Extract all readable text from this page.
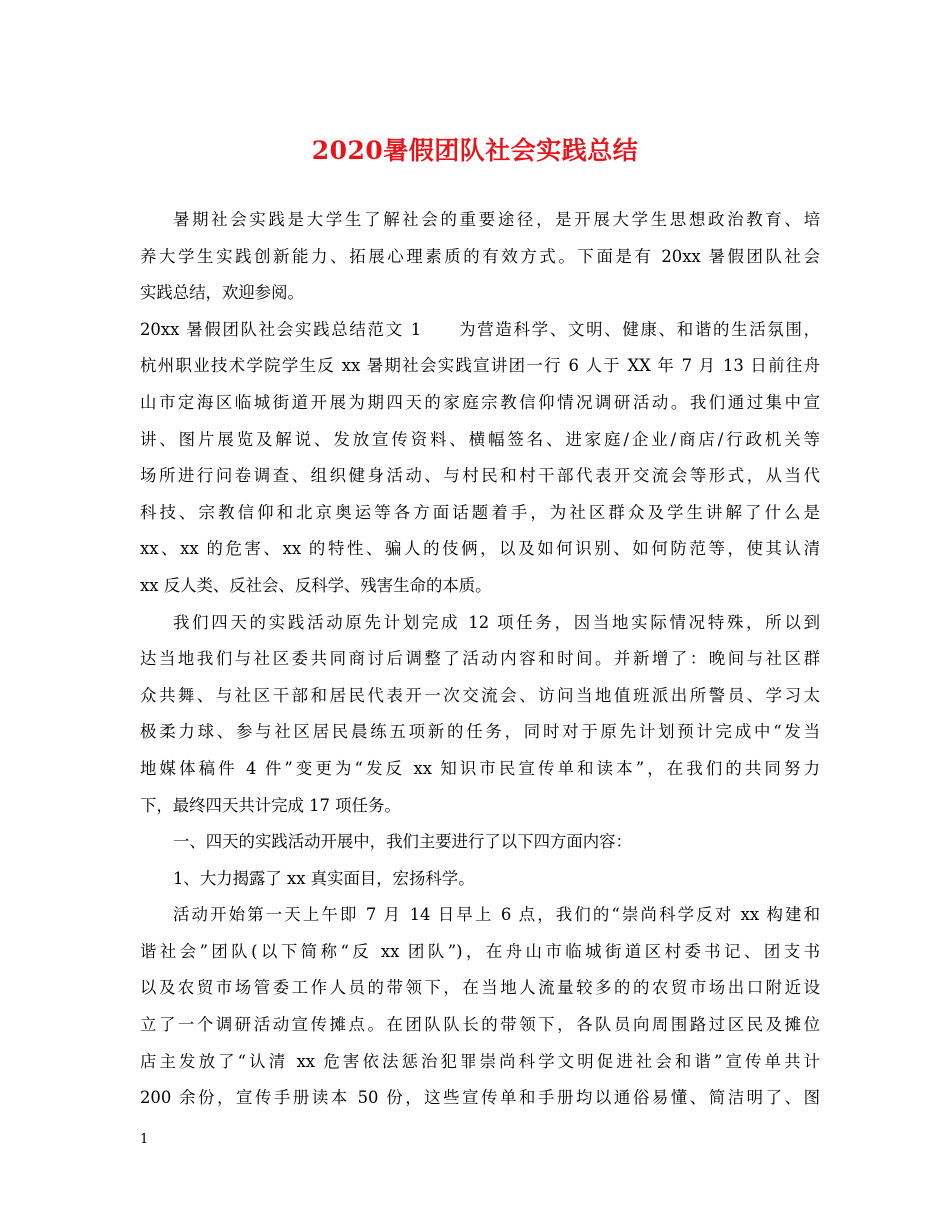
2020暑假团队社会实践总结
暑期社会实践是大学生了解社会的重要途径，是开展大学生思想政治教育、培
养大学生实践创新能力、拓展心理素质的有效方式。下面是有 20xx 暑假团队社会
实践总结，欢迎参阅。
20xx 暑假团队社会实践总结范文 1　　为营造科学、文明、健康、和谐的生活氛围，
杭州职业技术学院学生反 xx 暑期社会实践宣讲团一行 6 人于 XX 年 7 月 13 日前往舟
山市定海区临城街道开展为期四天的家庭宗教信仰情况调研活动。我们通过集中宣
讲、图片展览及解说、发放宣传资料、横幅签名、进家庭/企业/商店/行政机关等
场所进行问卷调查、组织健身活动、与村民和村干部代表开交流会等形式，从当代
科技、宗教信仰和北京奥运等各方面话题着手，为社区群众及学生讲解了什么是
xx、xx 的危害、xx 的特性、骗人的伎俩，以及如何识别、如何防范等，使其认清
xx 反人类、反社会、反科学、残害生命的本质。
我们四天的实践活动原先计划完成 12 项任务，因当地实际情况特殊，所以到
达当地我们与社区委共同商讨后调整了活动内容和时间。并新增了：晚间与社区群
众共舞、与社区干部和居民代表开一次交流会、访问当地值班派出所警员、学习太
极柔力球、参与社区居民晨练五项新的任务，同时对于原先计划预计完成中“发当
地媒体稿件 4 件”变更为“发反 xx 知识市民宣传单和读本”，在我们的共同努力
下，最终四天共计完成 17 项任务。
一、四天的实践活动开展中，我们主要进行了以下四方面内容：
1、大力揭露了 xx 真实面目，宏扬科学。
活动开始第一天上午即 7 月 14 日早上 6 点，我们的“崇尚科学反对 xx 构建和
谐社会”团队(以下简称“反 xx 团队”)，在舟山市临城街道区村委书记、团支书
以及农贸市场管委工作人员的带领下，在当地人流量较多的的农贸市场出口附近设
立了一个调研活动宣传摊点。在团队队长的带领下，各队员向周围路过区民及摊位
店主发放了“认清 xx 危害依法惩治犯罪崇尚科学文明促进社会和谐”宣传单共计
200 余份，宣传手册读本 50 份，这些宣传单和手册均以通俗易懂、简洁明了、图
1
